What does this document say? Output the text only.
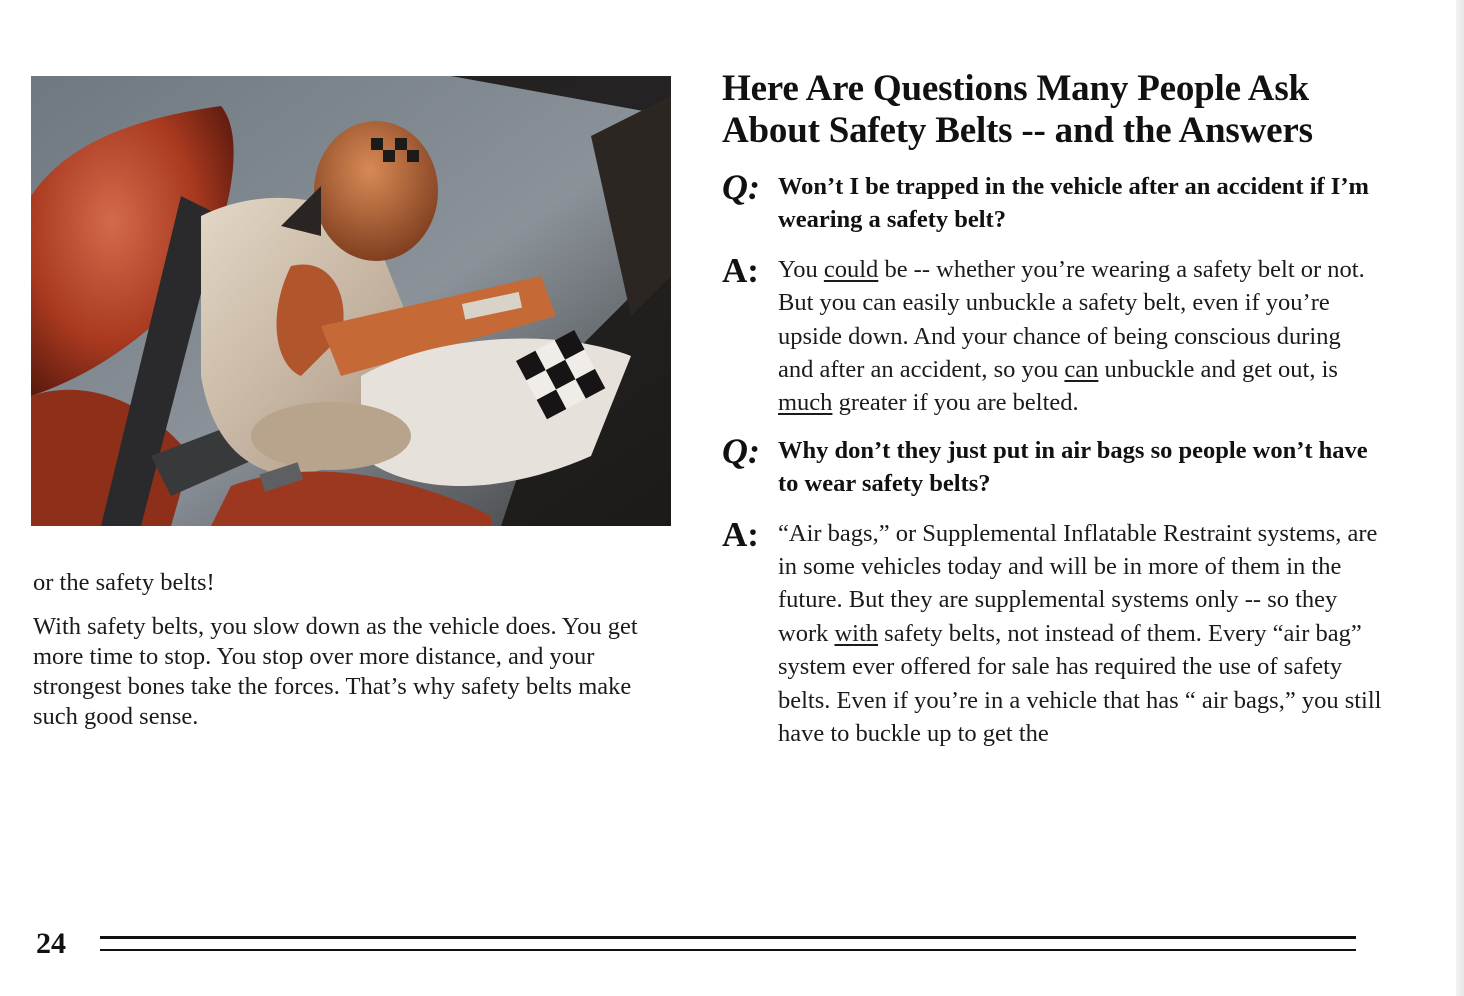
or the safety belts!

With safety belts, you slow down as the vehicle does. You get more time to stop. You stop over more distance, and your strongest bones take the forces. That’s why safety belts make such good sense.

Here Are Questions Many People Ask About Safety Belts -- and the Answers
Q: Won’t I be trapped in the vehicle after an accident if I’m wearing a safety belt?
A: You could be -- whether you’re wearing a safety belt or not. But you can easily unbuckle a safety belt, even if you’re upside down. And your chance of being conscious during and after an accident, so you can unbuckle and get out, is much greater if you are belted.
Q: Why don’t they just put in air bags so people won’t have to wear safety belts?
A: “Air bags,” or Supplemental Inflatable Restraint systems, are in some vehicles today and will be in more of them in the future. But they are supplemental systems only -- so they work with safety belts, not instead of them. Every “air bag” system ever offered for sale has required the use of safety belts. Even if you’re in a vehicle that has “ air bags,” you still have to buckle up to get the
24
